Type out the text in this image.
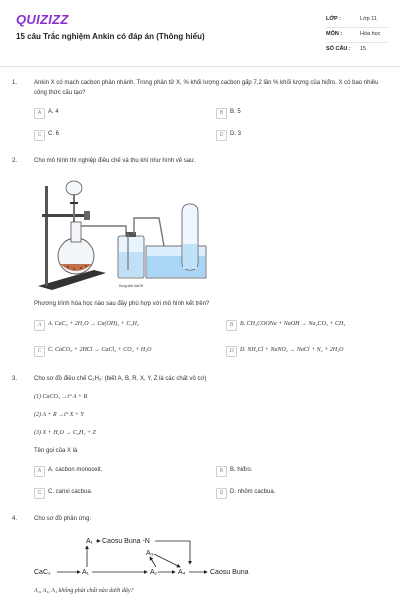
QUIZIZZ
15 câu Trắc nghiệm Ankin có đáp án (Thông hiểu)
LỚP :	Lớp 11
MÔN :	Hóa học
SỐ CÂU : 15
1.	Ankin X có mạch cacbon phân nhánh. Trong phân tử X, % khối lượng cacbon gấp 7,2 lần % khối lượng của hiđro. X có bao nhiêu công thức cấu tạo?
A	A. 4	B	B. 5
C	C. 6	D	D. 3
2.	Cho mô hình thí nghiệp điều chế và thu khí như hình vẽ sau:
Dung dịch NaOH
Phương trình hóa học nào sau đây phù hợp với mô hình kết trên?
A	A. CaC₂ + 2H₂O → Ca(OH)₂ + C₂H₂	B	B. CH₃COONa + NaOH → Na₂CO₃ + CH₄
C	C. CaCO₃ + 2HCl → CaCl₂ + CO₂ + H₂O	D	D. NH₄Cl + NaNO₂ → NaCl + N₂ + 2H₂O
3.	Cho sơ đồ điều chế C₂H₂: (biết A, B, R, X, Y, Z là các chất vô cơ)
(1) CaCO₃ →t° A + B
(2) A + R →t° X + Y
(3) X + H₂O → C₂H₂ + Z
Tên gọi của X là
A	A. cacbon monooxit.	B	B. hiđro.
C	C. canxi cacbua.	D	D. nhôm cacbua.
4.	Cho sơ đồ phản ứng:
CaC₂	A₁
A₁ Caosu Buna -N
A₂
A₃
A₄	Caosu Buna
A₂, A₃, A₄ không phải chất nào dưới đây?
